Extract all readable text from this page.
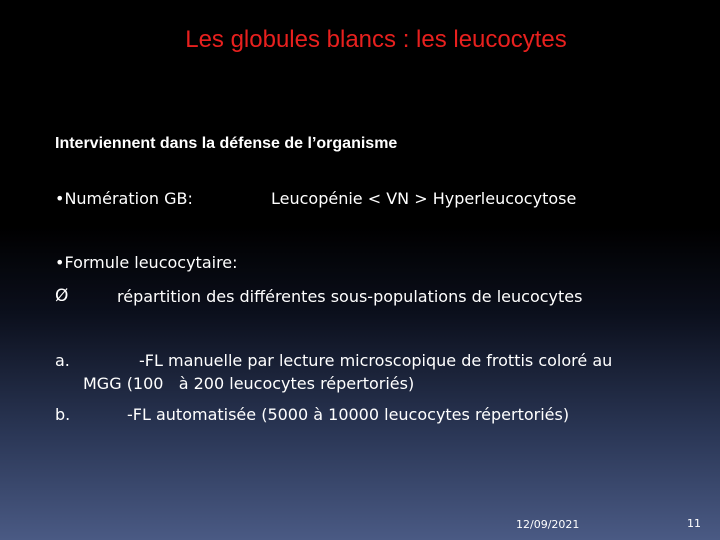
Les globules blancs : les leucocytes
Interviennent dans la défense de l’organisme
•Numération GB:	Leucopénie < VN > Hyperleucocytose
•Formule leucocytaire:
Ø	répartition des différentes sous-populations de leucocytes
a.	-FL manuelle par lecture microscopique de frottis coloré au
MGG (100   à 200 leucocytes répertoriés)
b.	-FL automatisée (5000 à 10000 leucocytes répertoriés)
12/09/2021	11
